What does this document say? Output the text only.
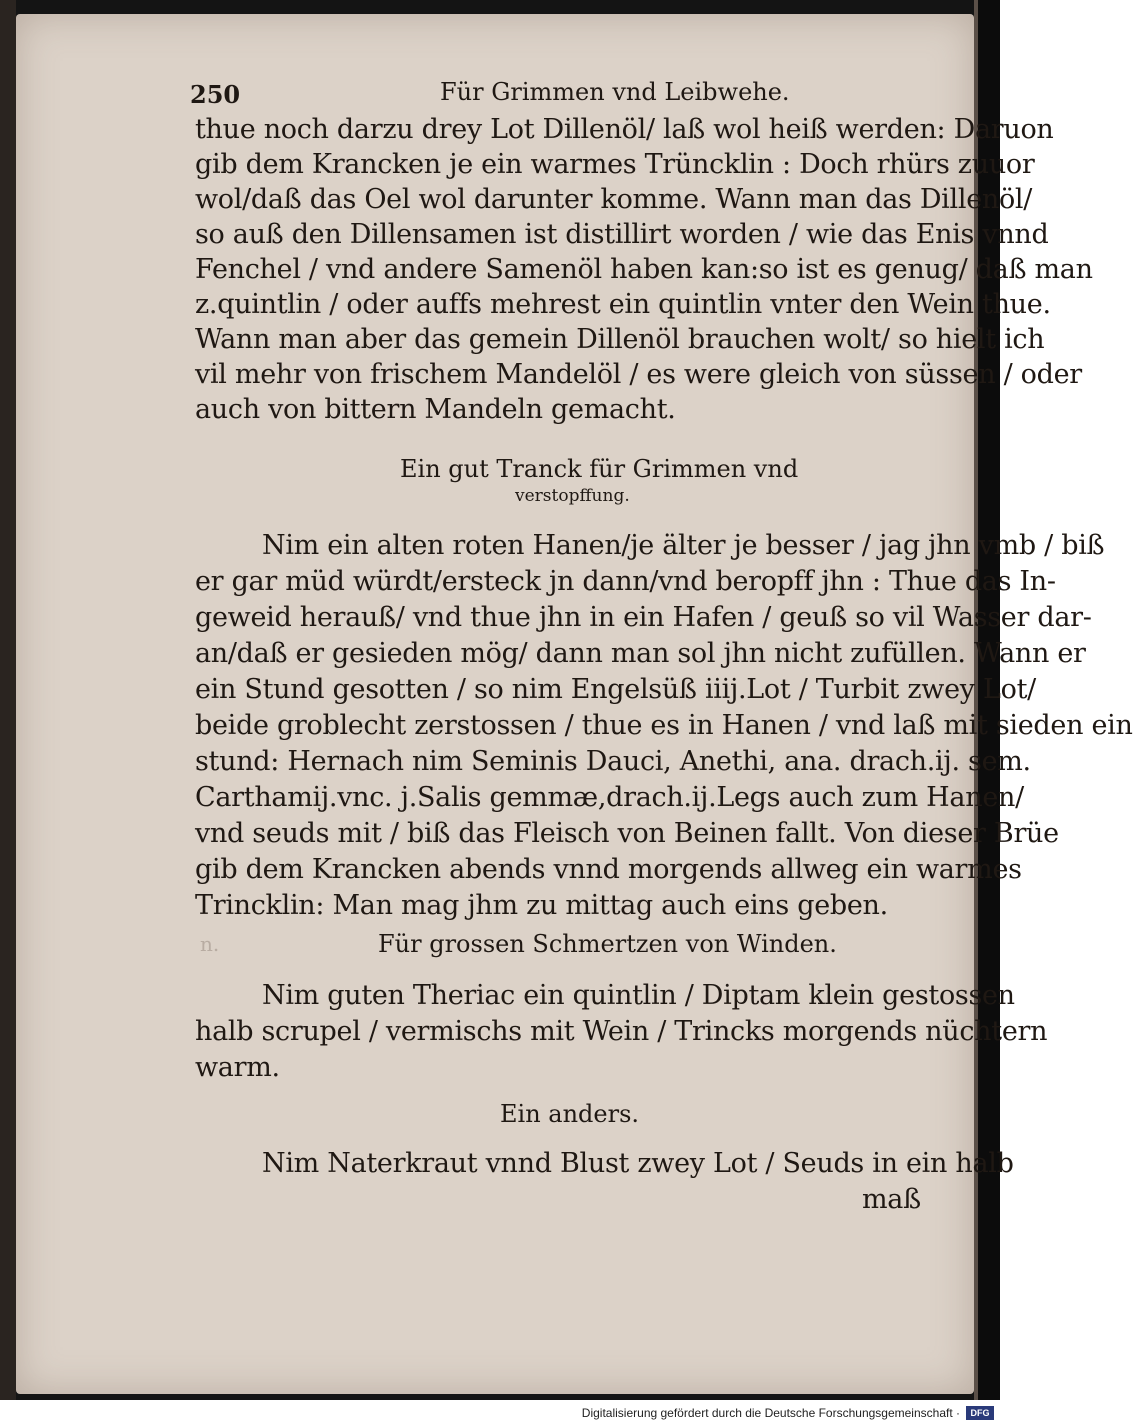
250	Für Grimmen vnd Leibwehe.
thue noch darzu drey Lot Dillenöl/ laß wol heiß werden: Daruon
gib dem Krancken je ein warmes Trüncklin : Doch rhürs zuuor
wol/daß das Oel wol darunter komme. Wann man das Dillenöl/
so auß den Dillensamen ist distillirt worden / wie das Enis vnnd
Fenchel / vnd andere Samenöl haben kan:so ist es genug/ daß man
z.quintlin / oder auffs mehrest ein quintlin vnter den Wein thue.
Wann man aber das gemein Dillenöl brauchen wolt/ so hielt ich
vil mehr von frischem Mandelöl / es were gleich von süssen / oder
auch von bittern Mandeln gemacht.
Ein gut Tranck für Grimmen vnd
verstopffung.
Nim ein alten roten Hanen/je älter je besser / jag jhn vmb / biß
er gar müd würdt/ersteck jn dann/vnd beropff jhn : Thue das In-
geweid herauß/ vnd thue jhn in ein Hafen / geuß so vil Wasser dar-
an/daß er gesieden mög/ dann man sol jhn nicht zufüllen. Wann er
ein Stund gesotten / so nim Engelsüß iiij.Lot / Turbit zwey Lot/
beide groblecht zerstossen / thue es in Hanen / vnd laß mit sieden ein
stund: Hernach nim Seminis Dauci, Anethi, ana. drach.ij. sem.
Carthamij.vnc. j.Salis gemmæ,drach.ij.Legs auch zum Hanen/
vnd seuds mit / biß das Fleisch von Beinen fallt. Von dieser Brüe
gib dem Krancken abends vnnd morgends allweg ein warmes
Trincklin: Man mag jhm zu mittag auch eins geben.
n.	Für grossen Schmertzen von Winden.
Nim guten Theriac ein quintlin / Diptam klein gestossen
halb scrupel / vermischs mit Wein / Trincks morgends nüchtern
warm.
Ein anders.
Nim Naterkraut vnnd Blust zwey Lot / Seuds in ein halb
maß
Digitalisierung gefördert durch die Deutsche Forschungsgemeinschaft ·	DFG
